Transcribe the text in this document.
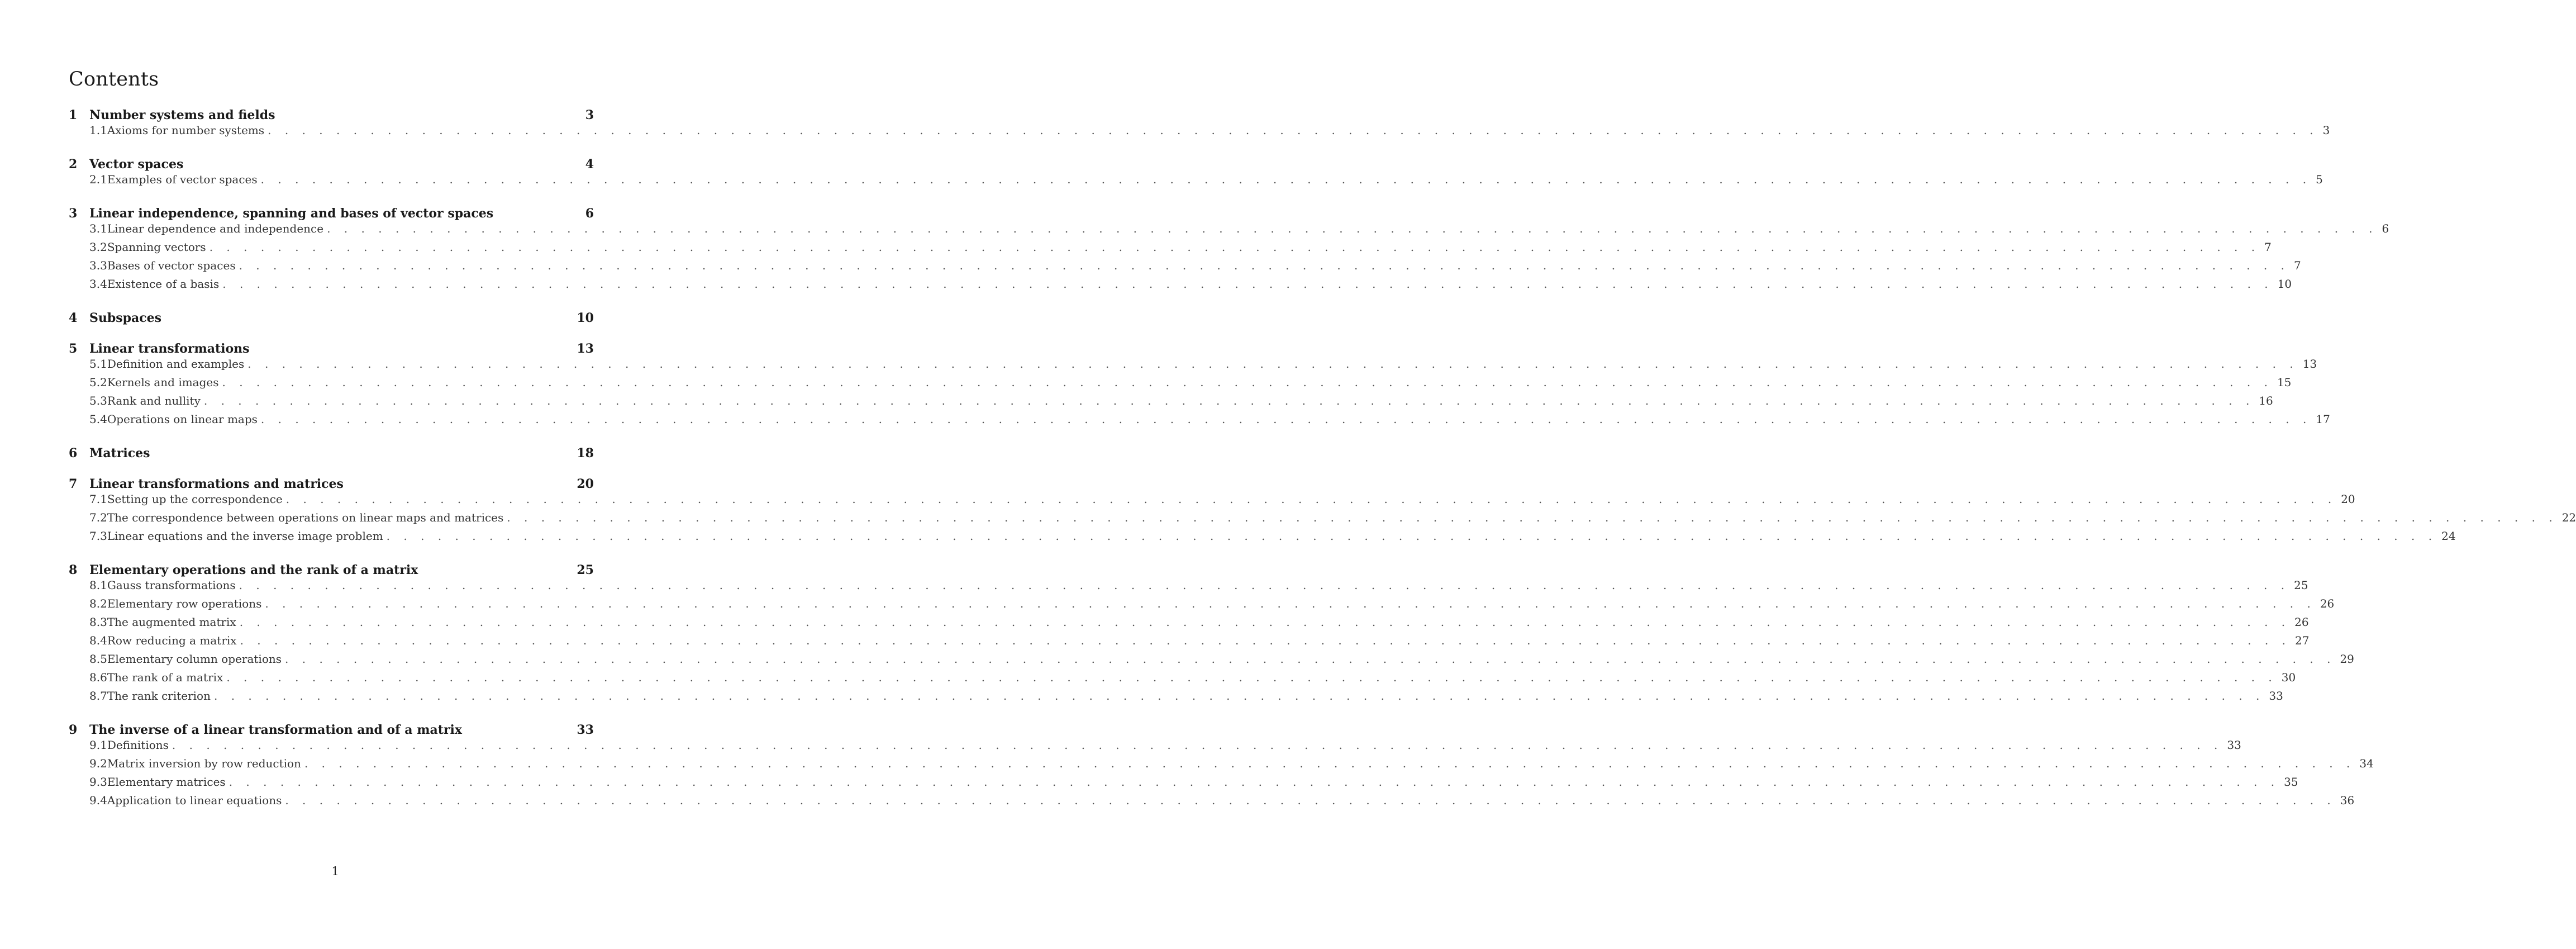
Contents
1 Number systems and fields	3
1.1 Axioms for number systems . . . . . . . . . . . . . . . . . . . . . . . . . . . . . . . . . . . . . . . . . . . . . . . . . . . . . . . . . . . . . . . . . . . . . . . . . . . . . . . . . . . . . . . . . . . . . . . . . . . . . . . . . . . . . . . . . . . . . . . . 3
2 Vector spaces	4
2.1 Examples of vector spaces . . . . . . . . . . . . . . . . . . . . . . . . . . . . . . . . . . . . . . . . . . . . . . . . . . . . . . . . . . . . . . . . . . . . . . . . . . . . . . . . . . . . . . . . . . . . . . . . . . . . . . . . . . . . . . . . . . . . . . . . 5
3 Linear independence, spanning and bases of vector spaces	6
3.1 Linear dependence and independence . . . . . . . . . . . . . . . . . . . . . . . . . . . . . . . . . . . . . . . . . . . . . . . . . . . . . . . . . . . . . . . . . . . . . . . . . . . . . . . . . . . . . . . . . . . . . . . . . . . . . . . . . . . . . . . . . . . . . . . . 6
3.2 Spanning vectors . . . . . . . . . . . . . . . . . . . . . . . . . . . . . . . . . . . . . . . . . . . . . . . . . . . . . . . . . . . . . . . . . . . . . . . . . . . . . . . . . . . . . . . . . . . . . . . . . . . . . . . . . . . . . . . . . . . . . . . . 7
3.3 Bases of vector spaces . . . . . . . . . . . . . . . . . . . . . . . . . . . . . . . . . . . . . . . . . . . . . . . . . . . . . . . . . . . . . . . . . . . . . . . . . . . . . . . . . . . . . . . . . . . . . . . . . . . . . . . . . . . . . . . . . . . . . . . . 7
3.4 Existence of a basis . . . . . . . . . . . . . . . . . . . . . . . . . . . . . . . . . . . . . . . . . . . . . . . . . . . . . . . . . . . . . . . . . . . . . . . . . . . . . . . . . . . . . . . . . . . . . . . . . . . . . . . . . . . . . . . . . . . . . . . . 10
4 Subspaces	10
5 Linear transformations	13
5.1 Definition and examples . . . . . . . . . . . . . . . . . . . . . . . . . . . . . . . . . . . . . . . . . . . . . . . . . . . . . . . . . . . . . . . . . . . . . . . . . . . . . . . . . . . . . . . . . . . . . . . . . . . . . . . . . . . . . . . . . . . . . . . . 13
5.2 Kernels and images . . . . . . . . . . . . . . . . . . . . . . . . . . . . . . . . . . . . . . . . . . . . . . . . . . . . . . . . . . . . . . . . . . . . . . . . . . . . . . . . . . . . . . . . . . . . . . . . . . . . . . . . . . . . . . . . . . . . . . . . 15
5.3 Rank and nullity . . . . . . . . . . . . . . . . . . . . . . . . . . . . . . . . . . . . . . . . . . . . . . . . . . . . . . . . . . . . . . . . . . . . . . . . . . . . . . . . . . . . . . . . . . . . . . . . . . . . . . . . . . . . . . . . . . . . . . . . 16
5.4 Operations on linear maps . . . . . . . . . . . . . . . . . . . . . . . . . . . . . . . . . . . . . . . . . . . . . . . . . . . . . . . . . . . . . . . . . . . . . . . . . . . . . . . . . . . . . . . . . . . . . . . . . . . . . . . . . . . . . . . . . . . . . . . . 17
6 Matrices	18
7 Linear transformations and matrices	20
7.1 Setting up the correspondence . . . . . . . . . . . . . . . . . . . . . . . . . . . . . . . . . . . . . . . . . . . . . . . . . . . . . . . . . . . . . . . . . . . . . . . . . . . . . . . . . . . . . . . . . . . . . . . . . . . . . . . . . . . . . . . . . . . . . . . . 20
7.2 The correspondence between operations on linear maps and matrices . . . . . . . . . . . . . . . . . . . . . . . . . . . . . . . . . . . . . . . . . . . . . . . . . . . . . . . . . . . . . . . . . . . . . . . . . . . . . . . . . . . . . . . . . . . . . . . . . . . . . . . . . . . . . . . . . . . . . . . . 22
7.3 Linear equations and the inverse image problem . . . . . . . . . . . . . . . . . . . . . . . . . . . . . . . . . . . . . . . . . . . . . . . . . . . . . . . . . . . . . . . . . . . . . . . . . . . . . . . . . . . . . . . . . . . . . . . . . . . . . . . . . . . . . . . . . . . . . . . . 24
8 Elementary operations and the rank of a matrix	25
8.1 Gauss transformations . . . . . . . . . . . . . . . . . . . . . . . . . . . . . . . . . . . . . . . . . . . . . . . . . . . . . . . . . . . . . . . . . . . . . . . . . . . . . . . . . . . . . . . . . . . . . . . . . . . . . . . . . . . . . . . . . . . . . . . . 25
8.2 Elementary row operations . . . . . . . . . . . . . . . . . . . . . . . . . . . . . . . . . . . . . . . . . . . . . . . . . . . . . . . . . . . . . . . . . . . . . . . . . . . . . . . . . . . . . . . . . . . . . . . . . . . . . . . . . . . . . . . . . . . . . . . . 26
8.3 The augmented matrix . . . . . . . . . . . . . . . . . . . . . . . . . . . . . . . . . . . . . . . . . . . . . . . . . . . . . . . . . . . . . . . . . . . . . . . . . . . . . . . . . . . . . . . . . . . . . . . . . . . . . . . . . . . . . . . . . . . . . . . . 26
8.4 Row reducing a matrix . . . . . . . . . . . . . . . . . . . . . . . . . . . . . . . . . . . . . . . . . . . . . . . . . . . . . . . . . . . . . . . . . . . . . . . . . . . . . . . . . . . . . . . . . . . . . . . . . . . . . . . . . . . . . . . . . . . . . . . . 27
8.5 Elementary column operations . . . . . . . . . . . . . . . . . . . . . . . . . . . . . . . . . . . . . . . . . . . . . . . . . . . . . . . . . . . . . . . . . . . . . . . . . . . . . . . . . . . . . . . . . . . . . . . . . . . . . . . . . . . . . . . . . . . . . . . . 29
8.6 The rank of a matrix . . . . . . . . . . . . . . . . . . . . . . . . . . . . . . . . . . . . . . . . . . . . . . . . . . . . . . . . . . . . . . . . . . . . . . . . . . . . . . . . . . . . . . . . . . . . . . . . . . . . . . . . . . . . . . . . . . . . . . . . 30
8.7 The rank criterion . . . . . . . . . . . . . . . . . . . . . . . . . . . . . . . . . . . . . . . . . . . . . . . . . . . . . . . . . . . . . . . . . . . . . . . . . . . . . . . . . . . . . . . . . . . . . . . . . . . . . . . . . . . . . . . . . . . . . . . . 33
9 The inverse of a linear transformation and of a matrix	33
9.1 Definitions . . . . . . . . . . . . . . . . . . . . . . . . . . . . . . . . . . . . . . . . . . . . . . . . . . . . . . . . . . . . . . . . . . . . . . . . . . . . . . . . . . . . . . . . . . . . . . . . . . . . . . . . . . . . . . . . . . . . . . . . 33
9.2 Matrix inversion by row reduction . . . . . . . . . . . . . . . . . . . . . . . . . . . . . . . . . . . . . . . . . . . . . . . . . . . . . . . . . . . . . . . . . . . . . . . . . . . . . . . . . . . . . . . . . . . . . . . . . . . . . . . . . . . . . . . . . . . . . . . . 34
9.3 Elementary matrices . . . . . . . . . . . . . . . . . . . . . . . . . . . . . . . . . . . . . . . . . . . . . . . . . . . . . . . . . . . . . . . . . . . . . . . . . . . . . . . . . . . . . . . . . . . . . . . . . . . . . . . . . . . . . . . . . . . . . . . . 35
9.4 Application to linear equations . . . . . . . . . . . . . . . . . . . . . . . . . . . . . . . . . . . . . . . . . . . . . . . . . . . . . . . . . . . . . . . . . . . . . . . . . . . . . . . . . . . . . . . . . . . . . . . . . . . . . . . . . . . . . . . . . . . . . . . . 36
1
